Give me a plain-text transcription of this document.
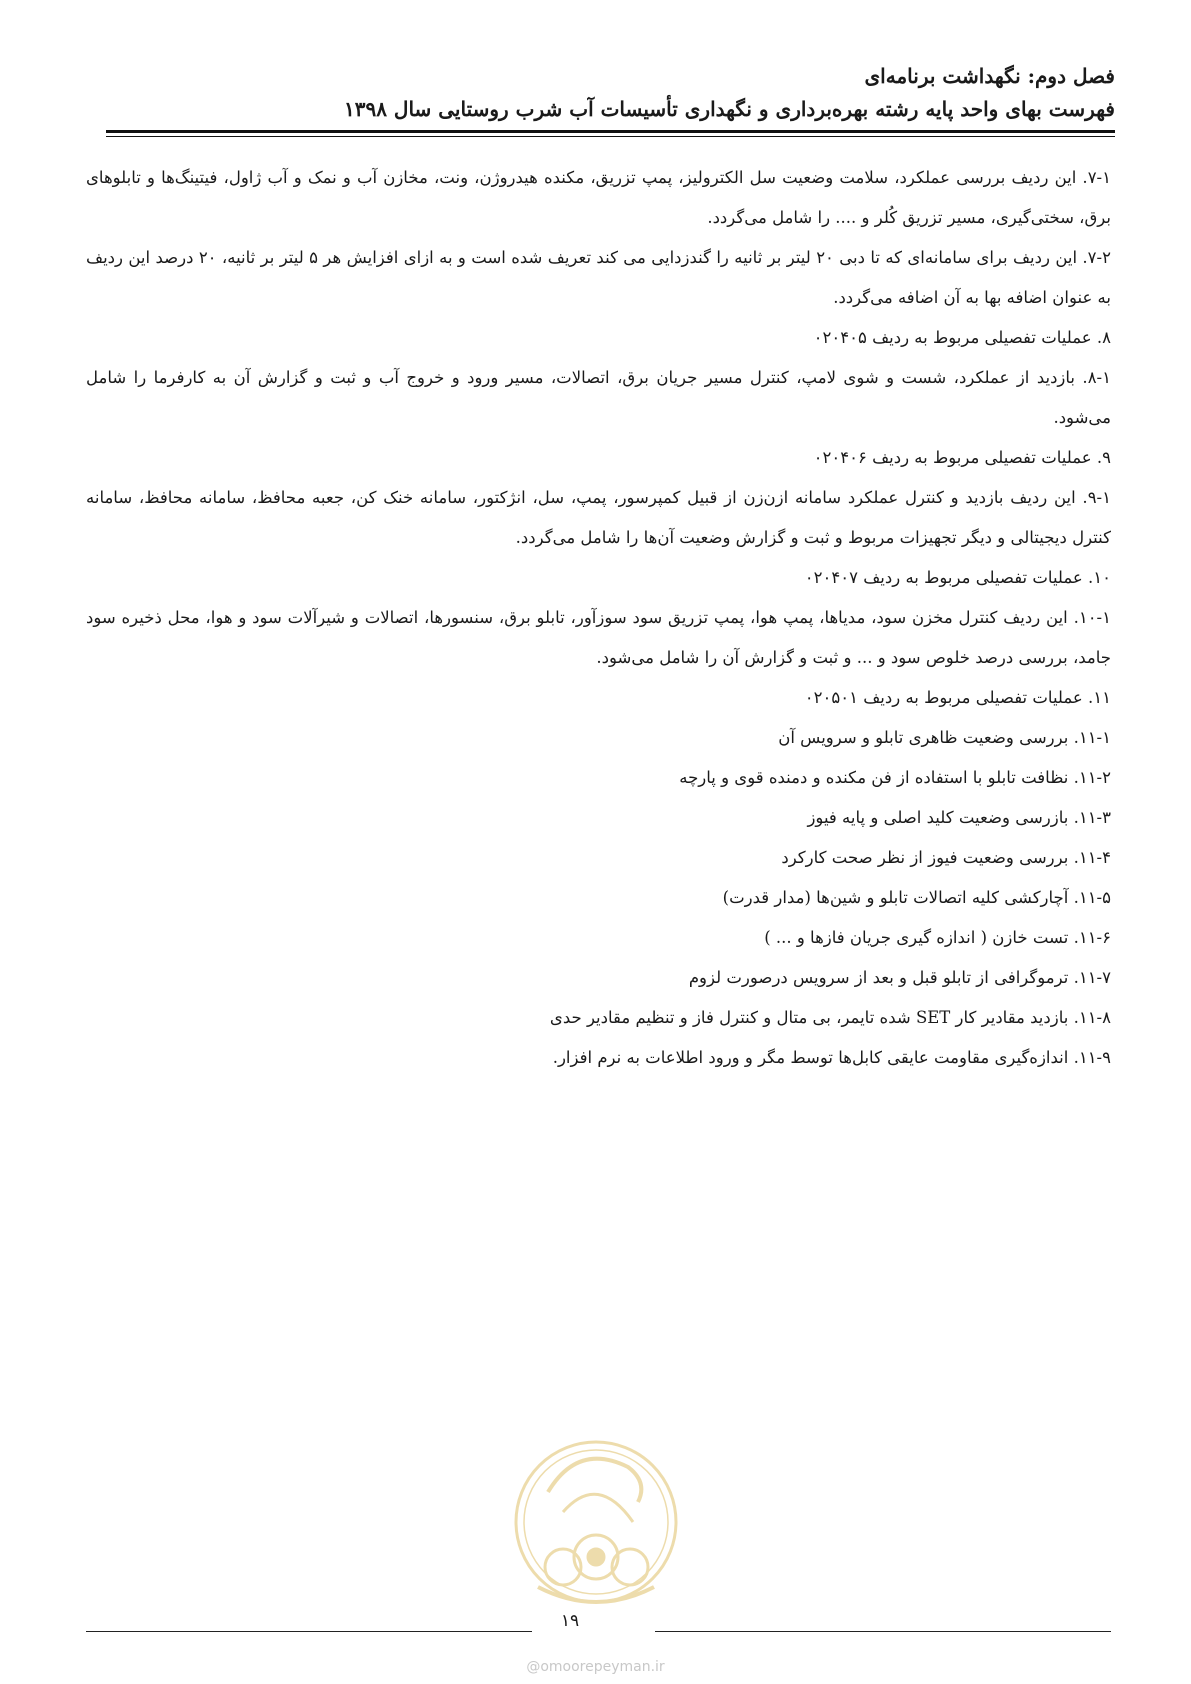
فصل دوم: نگهداشت برنامه‌ای
فهرست بهای واحد پایه رشته بهره‌برداری و نگهداری تأسیسات آب شرب روستایی سال ۱۳۹۸

۷-۱. این ردیف بررسی عملکرد، سلامت وضعیت سل الکترولیز، پمپ تزریق، مکنده هیدروژن، ونت، مخازن آب و نمک و آب ژاول، فیتینگ‌ها و تابلوهای برق، سختی‌گیری، مسیر تزریق کُلر و .... را شامل می‌گردد.

۷-۲. این ردیف برای سامانه‌ای که تا دبی ۲۰ لیتر بر ثانیه را گندزدایی می کند تعریف شده است و به ازای افزایش هر ۵ لیتر بر ثانیه، ۲۰ درصد این ردیف به عنوان اضافه بها به آن اضافه می‌گردد.

۸. عملیات تفصیلی مربوط به ردیف ۰۲۰۴۰۵

۸-۱. بازدید از عملکرد، شست و شوی لامپ، کنترل مسیر جریان برق، اتصالات، مسیر ورود و خروج آب و ثبت و گزارش آن به کارفرما را شامل می‌شود.

۹. عملیات تفصیلی مربوط به ردیف ۰۲۰۴۰۶

۹-۱. این ردیف بازدید و کنترل عملکرد سامانه ازن‌زن از قبیل کمپرسور، پمپ، سل، انژکتور، سامانه خنک کن، جعبه محافظ، سامانه محافظ، سامانه کنترل دیجیتالی و دیگر تجهیزات مربوط و ثبت و گزارش وضعیت آن‌ها را شامل می‌گردد.

۱۰. عملیات تفصیلی مربوط به ردیف ۰۲۰۴۰۷

۱۰-۱. این ردیف کنترل مخزن سود، مدیاها، پمپ هوا، پمپ تزریق سود سوزآور، تابلو برق، سنسورها، اتصالات و شیرآلات سود و هوا، محل ذخیره سود جامد، بررسی درصد خلوص سود و ... و ثبت و گزارش آن را شامل می‌شود.

۱۱. عملیات تفصیلی مربوط به ردیف ۰۲۰۵۰۱

۱۱-۱. بررسی وضعیت ظاهری تابلو و سرویس آن

۱۱-۲. نظافت تابلو با استفاده از فن مکنده و دمنده قوی و پارچه

۱۱-۳. بازرسی وضعیت کلید اصلی و پایه فیوز

۱۱-۴. بررسی وضعیت فیوز از نظر صحت کارکرد

۱۱-۵. آچارکشی کلیه اتصالات تابلو و شین‌ها (مدار قدرت)

۱۱-۶. تست خازن ( اندازه گیری جریان فازها و ... )

۱۱-۷. ترموگرافی از تابلو قبل و بعد از سرویس درصورت لزوم

۱۱-۸. بازدید مقادیر کار SET شده تایمر، بی متال و کنترل فاز و تنظیم مقادیر حدی

۱۱-۹. اندازه‌گیری مقاومت عایقی کابل‌ها توسط مگر و ورود اطلاعات به نرم افزار.

۱۹
@omoorepeyman.ir
